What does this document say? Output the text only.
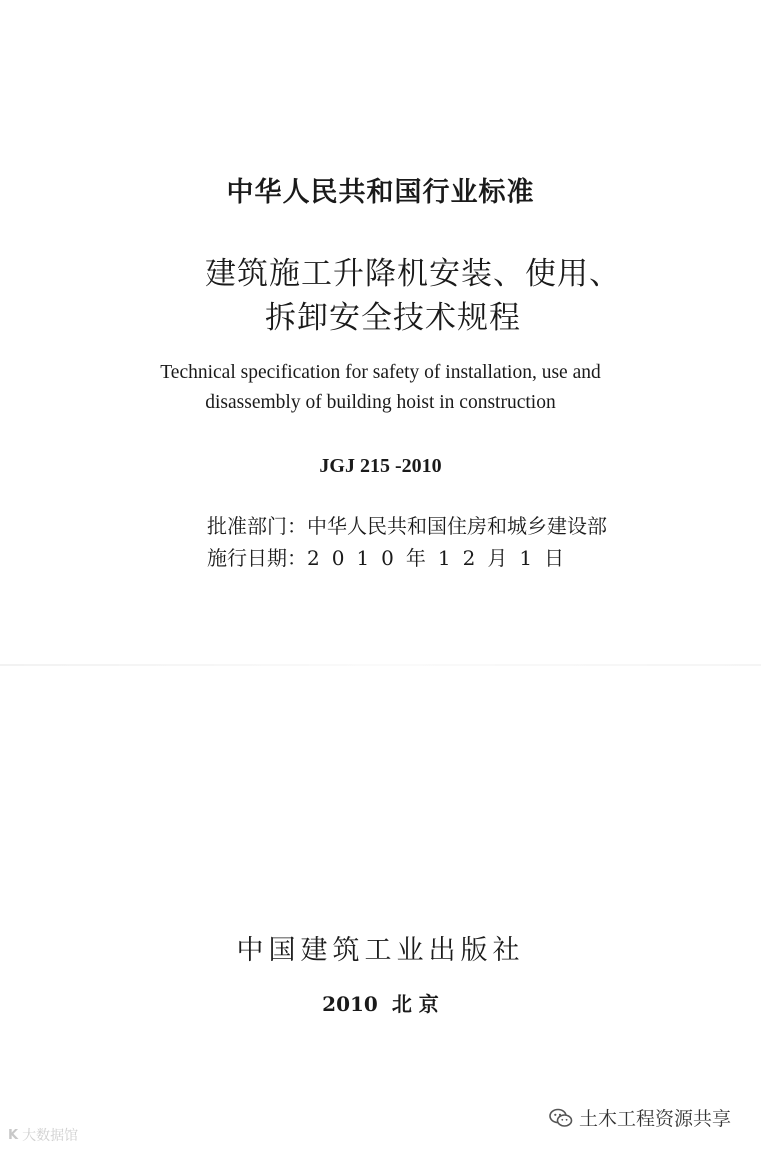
中华人民共和国行业标准
建筑施工升降机安装、使用、
拆卸安全技术规程
Technical specification for safety of installation, use and
disassembly of building hoist in construction
JGJ 215 -2010
批准部门：中华人民共和国住房和城乡建设部
施行日期：2010年12月1日
中国建筑工业出版社
2010 北 京
K 大数据馆
土木工程资源共享
